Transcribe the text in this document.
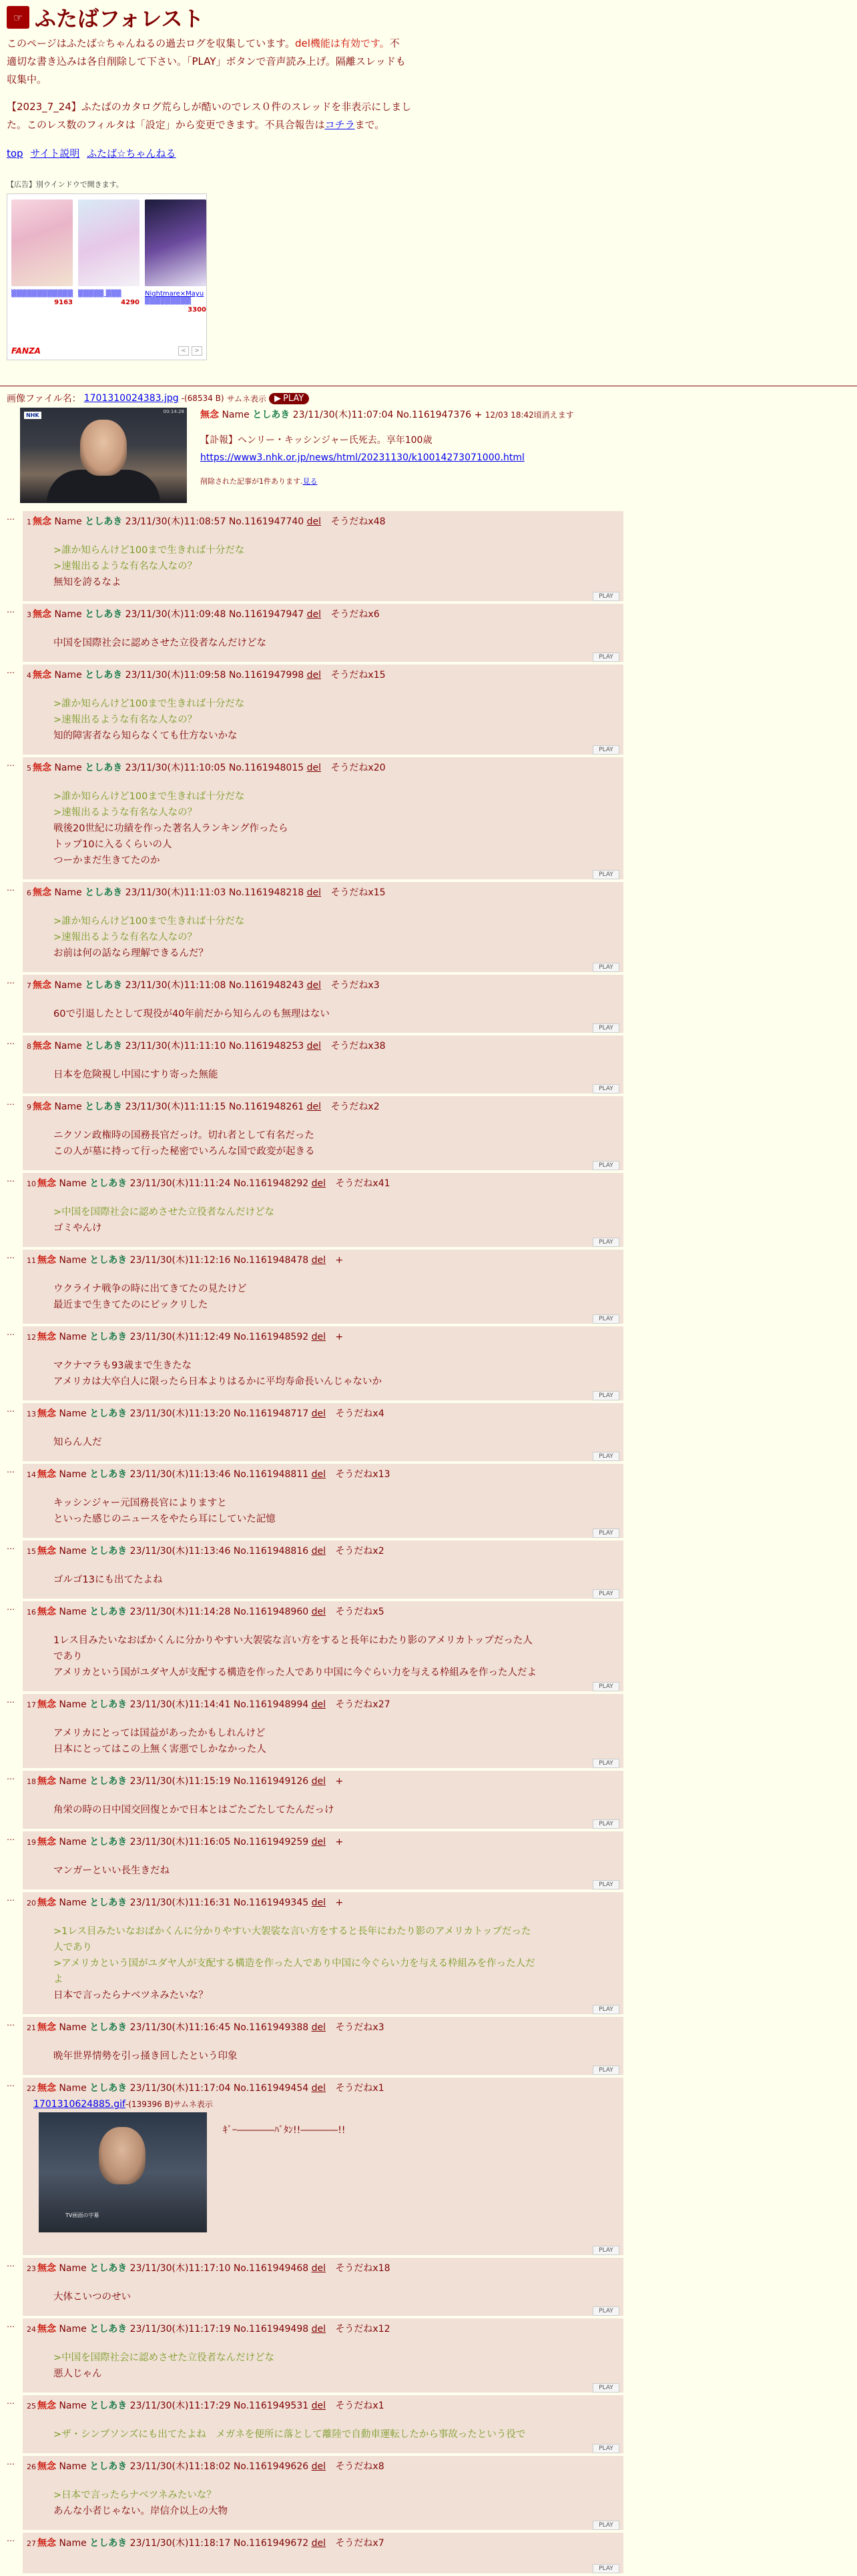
☞ ふたばフォレスト

このページはふたば☆ちゃんねるの過去ログを収集しています。del機能は有効です。不適切な書き込みは各自削除して下さい。「PLAY」ボタンで音声読み上げ。隔離スレッドも収集中。

【2023_7_24】ふたばのカタログ荒らしが酷いのでレス０件のスレッドを非表示にしました。このレス数のフィルタは「設定」から変更できます。不具合報告はコチラまで。

top サイト説明 ふたば☆ちゃんねる
【広告】別ウインドウで開きます。
▒▒▒▒▒▒▒▒▒▒▒▒
9163
▒▒▒▒▒ ▒▒▒
4290
Nightmare×Mayu ▒▒▒▒▒▒▒▒▒
3300
FANZA	<	>
画像ファイル名： 1701310024383.jpg -(68534 B) サムネ表示 ▶ PLAY
NHK
00:14:28 無念 Name としあき 23/11/30(木)11:07:04 No.1161947376 + 12/03 18:42頃消えます
【訃報】ヘンリー・キッシンジャー氏死去。享年100歳
https://www3.nhk.or.jp/news/html/20231130/k10014273071000.html
削除された記事が1件あります.見る
…
1 無念 Name としあき 23/11/30(木)11:08:57 No.1161947740 del そうだねx48
>誰か知らんけど100まで生きれば十分だな
>速報出るような有名な人なの？
無知を誇るなよ
PLAY
…
3 無念 Name としあき 23/11/30(木)11:09:48 No.1161947947 del そうだねx6
中国を国際社会に認めさせた立役者なんだけどな
PLAY
…
4 無念 Name としあき 23/11/30(木)11:09:58 No.1161947998 del そうだねx15
>誰か知らんけど100まで生きれば十分だな
>速報出るような有名な人なの？
知的障害者なら知らなくても仕方ないかな
PLAY
…
5 無念 Name としあき 23/11/30(木)11:10:05 No.1161948015 del そうだねx20
>誰か知らんけど100まで生きれば十分だな
>速報出るような有名な人なの？
戦後20世紀に功績を作った著名人ランキング作ったら
トップ10に入るくらいの人
つーかまだ生きてたのか
PLAY
…
6 無念 Name としあき 23/11/30(木)11:11:03 No.1161948218 del そうだねx15
>誰か知らんけど100まで生きれば十分だな
>速報出るような有名な人なの？
お前は何の話なら理解できるんだ？
PLAY
…
7 無念 Name としあき 23/11/30(木)11:11:08 No.1161948243 del そうだねx3
60で引退したとして現役が40年前だから知らんのも無理はない
PLAY
…
8 無念 Name としあき 23/11/30(木)11:11:10 No.1161948253 del そうだねx38
日本を危険視し中国にすり寄った無能
PLAY
…
9 無念 Name としあき 23/11/30(木)11:11:15 No.1161948261 del そうだねx2
ニクソン政権時の国務長官だっけ。切れ者として有名だった
この人が墓に持って行った秘密でいろんな国で政変が起きる
PLAY
…
10 無念 Name としあき 23/11/30(木)11:11:24 No.1161948292 del そうだねx41
>中国を国際社会に認めさせた立役者なんだけどな
ゴミやんけ
PLAY
…
11 無念 Name としあき 23/11/30(木)11:12:16 No.1161948478 del +
ウクライナ戦争の時に出てきてたの見たけど
最近まで生きてたのにビックリした
PLAY
…
12 無念 Name としあき 23/11/30(木)11:12:49 No.1161948592 del +
マクナマラも93歳まで生きたな
アメリカは大卒白人に限ったら日本よりはるかに平均寿命長いんじゃないか
PLAY
…
13 無念 Name としあき 23/11/30(木)11:13:20 No.1161948717 del そうだねx4
知らん人だ
PLAY
…
14 無念 Name としあき 23/11/30(木)11:13:46 No.1161948811 del そうだねx13
キッシンジャー元国務長官によりますと
といった感じのニュースをやたら耳にしていた記憶
PLAY
…
15 無念 Name としあき 23/11/30(木)11:13:46 No.1161948816 del そうだねx2
ゴルゴ13にも出てたよね
PLAY
…
16 無念 Name としあき 23/11/30(木)11:14:28 No.1161948960 del そうだねx5
1レス目みたいなおばかくんに分かりやすい大袈裟な言い方をすると長年にわたり影のアメリカトップだった人
であり
アメリカという国がユダヤ人が支配する構造を作った人であり中国に今ぐらい力を与える枠組みを作った人だよ
PLAY
…
17 無念 Name としあき 23/11/30(木)11:14:41 No.1161948994 del そうだねx27
アメリカにとっては国益があったかもしれんけど
日本にとってはこの上無く害悪でしかなかった人
PLAY
…
18 無念 Name としあき 23/11/30(木)11:15:19 No.1161949126 del +
角栄の時の日中国交回復とかで日本とはごたごたしてたんだっけ
PLAY
…
19 無念 Name としあき 23/11/30(木)11:16:05 No.1161949259 del +
マンガーといい長生きだね
PLAY
…
20 無念 Name としあき 23/11/30(木)11:16:31 No.1161949345 del +
>1レス目みたいなおばかくんに分かりやすい大袈裟な言い方をすると長年にわたり影のアメリカトップだった
人であり
>アメリカという国がユダヤ人が支配する構造を作った人であり中国に今ぐらい力を与える枠組みを作った人だ
よ
日本で言ったらナベツネみたいな？
PLAY
…
21 無念 Name としあき 23/11/30(木)11:16:45 No.1161949388 del そうだねx3
晩年世界情勢を引っ掻き回したという印象
PLAY
…
22 無念 Name としあき 23/11/30(木)11:17:04 No.1161949454 del そうだねx1
1701310624885.gif-(139396 B)サムネ表示
TV画面の字幕
ｷﾞｰ――――ﾊﾞﾀﾝ!!――――!!
PLAY
…
23 無念 Name としあき 23/11/30(木)11:17:10 No.1161949468 del そうだねx18
大体こいつのせい
PLAY
…
24 無念 Name としあき 23/11/30(木)11:17:19 No.1161949498 del そうだねx12
>中国を国際社会に認めさせた立役者なんだけどな
悪人じゃん
PLAY
…
25 無念 Name としあき 23/11/30(木)11:17:29 No.1161949531 del そうだねx1
>ザ・シンプソンズにも出てたよね　メガネを便所に落として離陸で自動車運転したから事故ったという役で
PLAY
…
26 無念 Name としあき 23/11/30(木)11:18:02 No.1161949626 del そうだねx8
>日本で言ったらナベツネみたいな？
あんな小者じゃない。岸信介以上の大物
PLAY
…
27 無念 Name としあき 23/11/30(木)11:18:17 No.1161949672 del そうだねx7
PLAY
